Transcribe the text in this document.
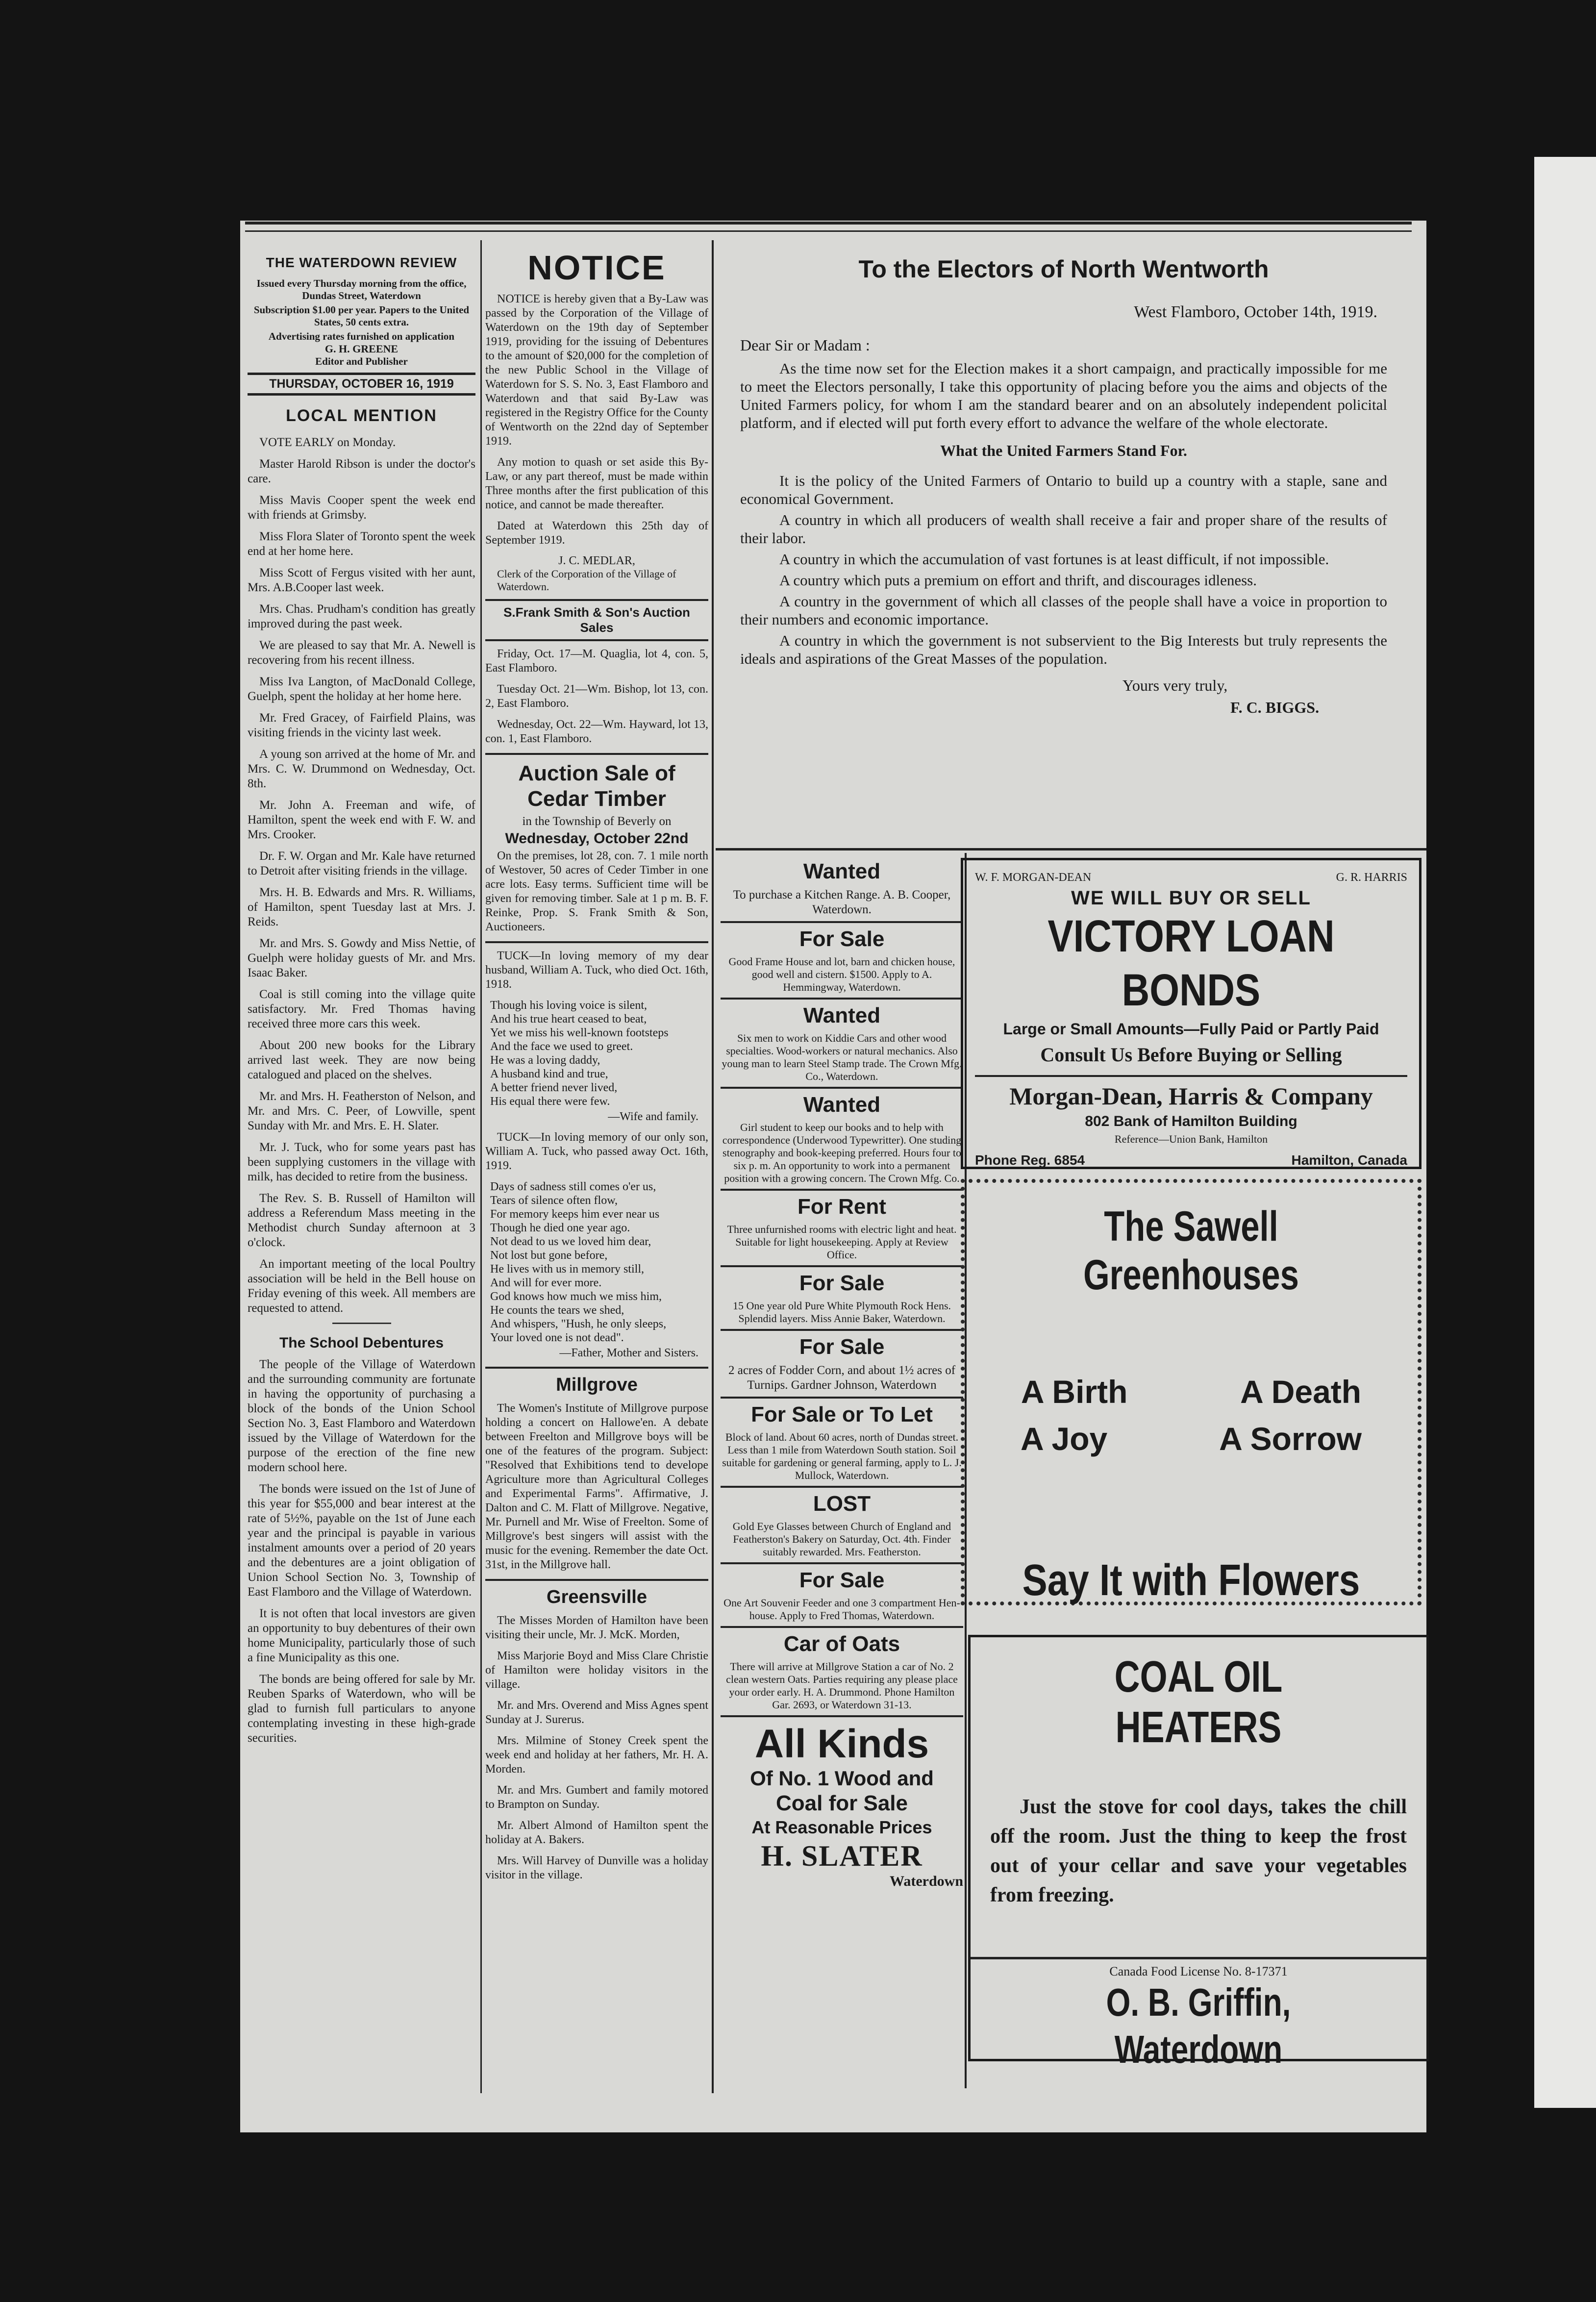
THE WATERDOWN REVIEW
Issued every Thursday morning from the office, Dundas Street, Waterdown
Subscription $1.00 per year. Papers to the United States, 50 cents extra.
Advertising rates furnished on application
G. H. GREENE
Editor and Publisher
THURSDAY, OCTOBER 16, 1919
LOCAL MENTION

VOTE EARLY on Monday.

Master Harold Ribson is under the doctor's care.

Miss Mavis Cooper spent the week end with friends at Grimsby.

Miss Flora Slater of Toronto spent the week end at her home here.

Miss Scott of Fergus visited with her aunt, Mrs. A.B.Cooper last week.

Mrs. Chas. Prudham's condition has greatly improved during the past week.

We are pleased to say that Mr. A. Newell is recovering from his recent illness.

Miss Iva Langton, of MacDonald College, Guelph, spent the holiday at her home here.

Mr. Fred Gracey, of Fairfield Plains, was visiting friends in the vicinty last week.

A young son arrived at the home of Mr. and Mrs. C. W. Drummond on Wednesday, Oct. 8th.

Mr. John A. Freeman and wife, of Hamilton, spent the week end with F. W. and Mrs. Crooker.

Dr. F. W. Organ and Mr. Kale have returned to Detroit after visiting friends in the village.

Mrs. H. B. Edwards and Mrs. R. Williams, of Hamilton, spent Tuesday last at Mrs. J. Reids.

Mr. and Mrs. S. Gowdy and Miss Nettie, of Guelph were holiday guests of Mr. and Mrs. Isaac Baker.

Coal is still coming into the village quite satisfactory. Mr. Fred Thomas having received three more cars this week.

About 200 new books for the Library arrived last week. They are now being catalogued and placed on the shelves.

Mr. and Mrs. H. Featherston of Nelson, and Mr. and Mrs. C. Peer, of Lowville, spent Sunday with Mr. and Mrs. E. H. Slater.

Mr. J. Tuck, who for some years past has been supplying customers in the village with milk, has decided to retire from the business.

The Rev. S. B. Russell of Hamilton will address a Referendum Mass meeting in the Methodist church Sunday afternoon at 3 o'clock.

An important meeting of the local Poultry association will be held in the Bell house on Friday evening of this week. All members are requested to attend.

The School Debentures

The people of the Village of Waterdown and the surrounding community are fortunate in having the opportunity of purchasing a block of the bonds of the Union School Section No. 3, East Flamboro and Waterdown issued by the Village of Waterdown for the purpose of the erection of the fine new modern school here.

The bonds were issued on the 1st of June of this year for $55,000 and bear interest at the rate of 5½%, payable on the 1st of June each year and the principal is payable in various instalment amounts over a period of 20 years and the debentures are a joint obligation of Union School Section No. 3, Township of East Flamboro and the Village of Waterdown.

It is not often that local investors are given an opportunity to buy debentures of their own home Municipality, particularly those of such a fine Municipality as this one.

The bonds are being offered for sale by Mr. Reuben Sparks of Waterdown, who will be glad to furnish full particulars to anyone contemplating investing in these high-grade securities.

NOTICE

NOTICE is hereby given that a By-Law was passed by the Corporation of the Village of Waterdown on the 19th day of September 1919, providing for the issuing of Debentures to the amount of $20,000 for the completion of the new Public School in the Village of Waterdown for S. S. No. 3, East Flamboro and Waterdown and that said By-Law was registered in the Registry Office for the County of Wentworth on the 22nd day of September 1919.

Any motion to quash or set aside this By-Law, or any part thereof, must be made within Three months after the first publication of this notice, and cannot be made thereafter.

Dated at Waterdown this 25th day of September 1919.

J. C. MEDLAR,
Clerk of the Corporation of the Village of Waterdown.
S.Frank Smith & Son's Auction Sales

Friday, Oct. 17—M. Quaglia, lot 4, con. 5, East Flamboro.

Tuesday Oct. 21—Wm. Bishop, lot 13, con. 2, East Flamboro.

Wednesday, Oct. 22—Wm. Hayward, lot 13, con. 1, East Flamboro.

Auction Sale of Cedar Timber
in the Township of Beverly on
Wednesday, October 22nd

On the premises, lot 28, con. 7. 1 mile north of Westover, 50 acres of Ceder Timber in one acre lots. Easy terms. Sufficient time will be given for removing timber. Sale at 1 p m. B. F. Reinke, Prop. S. Frank Smith & Son, Auctioneers.

TUCK—In loving memory of my dear husband, William A. Tuck, who died Oct. 16th, 1918.

Though his loving voice is silent,
And his true heart ceased to beat,
Yet we miss his well-known footsteps
And the face we used to greet.
He was a loving daddy,
A husband kind and true,
A better friend never lived,
His equal there were few.
—Wife and family.

TUCK—In loving memory of our only son, William A. Tuck, who passed away Oct. 16th, 1919.

Days of sadness still comes o'er us,
Tears of silence often flow,
For memory keeps him ever near us
Though he died one year ago.
Not dead to us we loved him dear,
Not lost but gone before,
He lives with us in memory still,
And will for ever more.
God knows how much we miss him,
He counts the tears we shed,
And whispers, "Hush, he only sleeps,
Your loved one is not dead".
—Father, Mother and Sisters.
Millgrove

The Women's Institute of Millgrove purpose holding a concert on Hallowe'en. A debate between Freelton and Millgrove boys will be one of the features of the program. Subject: "Resolved that Exhibitions tend to develope Agriculture more than Agricultural Colleges and Experimental Farms". Affirmative, J. Dalton and C. M. Flatt of Millgrove. Negative, Mr. Purnell and Mr. Wise of Freelton. Some of Millgrove's best singers will assist with the music for the evening. Remember the date Oct. 31st, in the Millgrove hall.

Greensville

The Misses Morden of Hamilton have been visiting their uncle, Mr. J. McK. Morden,

Miss Marjorie Boyd and Miss Clare Christie of Hamilton were holiday visitors in the village.

Mr. and Mrs. Overend and Miss Agnes spent Sunday at J. Surerus.

Mrs. Milmine of Stoney Creek spent the week end and holiday at her fathers, Mr. H. A. Morden.

Mr. and Mrs. Gumbert and family motored to Brampton on Sunday.

Mr. Albert Almond of Hamilton spent the holiday at A. Bakers.

Mrs. Will Harvey of Dunville was a holiday visitor in the village.

To the Electors of North Wentworth
West Flamboro, October 14th, 1919.
Dear Sir or Madam :

As the time now set for the Election makes it a short campaign, and practically impossible for me to meet the Electors personally, I take this opportunity of placing before you the aims and objects of the United Farmers policy, for whom I am the standard bearer and on an absolutely independent policital platform, and if elected will put forth every effort to advance the welfare of the whole electorate.

What the United Farmers Stand For.

It is the policy of the United Farmers of Ontario to build up a country with a staple, sane and economical Government.

A country in which all producers of wealth shall receive a fair and proper share of the results of their labor.

A country in which the accumulation of vast fortunes is at least difficult, if not impossible.

A country which puts a premium on effort and thrift, and discourages idleness.

A country in the government of which all classes of the people shall have a voice in proportion to their numbers and economic importance.

A country in which the government is not subservient to the Big Interests but truly represents the ideals and aspirations of the Great Masses of the population.

Yours very truly,
F. C. BIGGS.
Wanted
To purchase a Kitchen Range. A. B. Cooper, Waterdown.
For Sale
Good Frame House and lot, barn and chicken house, good well and cistern. $1500. Apply to A. Hemmingway, Waterdown.
Wanted
Six men to work on Kiddie Cars and other wood specialties. Wood-workers or natural mechanics. Also young man to learn Steel Stamp trade. The Crown Mfg. Co., Waterdown.
Wanted
Girl student to keep our books and to help with correspondence (Underwood Typewritter). One studing stenography and book-keeping preferred. Hours four to six p. m. An opportunity to work into a permanent position with a growing concern. The Crown Mfg. Co.
For Rent
Three unfurnished rooms with electric light and heat. Suitable for light housekeeping. Apply at Review Office.
For Sale
15 One year old Pure White Plymouth Rock Hens. Splendid layers. Miss Annie Baker, Waterdown.
For Sale
2 acres of Fodder Corn, and about 1½ acres of Turnips. Gardner Johnson, Waterdown
For Sale or To Let
Block of land. About 60 acres, north of Dundas street. Less than 1 mile from Waterdown South station. Soil suitable for gardening or general farming, apply to L. J. Mullock, Waterdown.
LOST
Gold Eye Glasses between Church of England and Featherston's Bakery on Saturday, Oct. 4th. Finder suitably rewarded. Mrs. Featherston.
For Sale
One Art Souvenir Feeder and one 3 compartment Hen-house. Apply to Fred Thomas, Waterdown.
Car of Oats
There will arrive at Millgrove Station a car of No. 2 clean western Oats. Parties requiring any please place your order early. H. A. Drummond. Phone Hamilton Gar. 2693, or Waterdown 31-13.
All Kinds
Of No. 1 Wood and
Coal for Sale
At Reasonable Prices
H. SLATER
Waterdown
W. F. MORGAN-DEAN	G. R. HARRIS
WE WILL BUY OR SELL
VICTORY LOAN BONDS
Large or Small Amounts—Fully Paid or Partly Paid
Consult Us Before Buying or Selling
Morgan-Dean, Harris & Company
802 Bank of Hamilton Building
Reference—Union Bank, Hamilton
Phone Reg. 6854	Hamilton, Canada
The Sawell Greenhouses
A Birth	A Death
A Joy	A Sorrow
Say It with Flowers
COAL OIL HEATERS
Just the stove for cool days, takes the chill off the room. Just the thing to keep the frost out of your cellar and save your vegetables from freezing.
Canada Food License No. 8-17371
O. B. Griffin, Waterdown
